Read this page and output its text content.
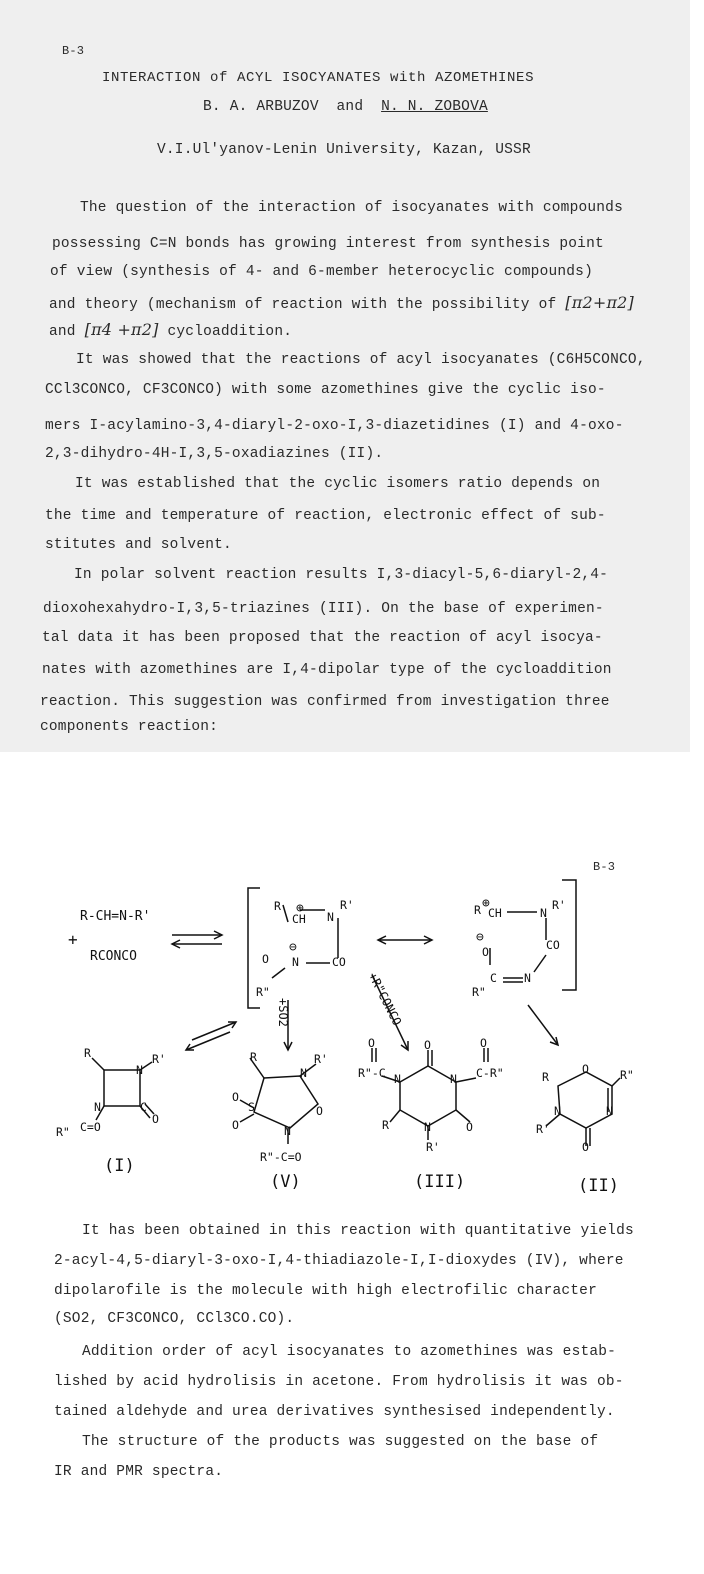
B-3
INTERACTION of ACYL ISOCYANATES with AZOMETHINES
B. A. ARBUZOV and N. N. ZOBOVA
V.I.Ul'yanov-Lenin University, Kazan, USSR
The question of the interaction of isocyanates with compounds
possessing C=N bonds has growing interest from synthesis point
of view (synthesis of 4- and 6-member heterocyclic compounds)
and theory (mechanism of reaction with the possibility of [π2+π2]
and [π4 +π2] cycloaddition.
It was showed that the reactions of acyl isocyanates (C6H5CONCO,
CCl3CONCO, CF3CONCO) with some azomethines give the cyclic iso-
mers I-acylamino-3,4-diaryl-2-oxo-I,3-diazetidines (I) and 4-oxo-
2,3-dihydro-4H-I,3,5-oxadiazines (II).
It was established that the cyclic isomers ratio depends on
the time and temperature of reaction, electronic effect of sub-
stitutes and solvent.
In polar solvent reaction results I,3-diacyl-5,6-diaryl-2,4-
dioxohexahydro-I,3,5-triazines (III). On the base of experimen-
tal data it has been proposed that the reaction of acyl isocya-
nates with azomethines are I,4-dipolar type of the cycloaddition
reaction. This suggestion was confirmed from investigation three
components reaction:
B-3
R-CH=N-R'
+
RCONCO
R ⊕
CH N
R'
⊖
N	CO
O
R"
R ⊕
CH	N
R'
⊖
O	CO
C N
R"
+SO2	+R"CONCO
R
N
R'
N	C
O
R" C=O
R
N
R'
S
O
O
O
N
R"-C=O
O
O	O
R"-C	C-R"
N	N
R	O
N
R'
R
O	R"
N	N
R'
O
(I)
(V)	(III)	(II)
It has been obtained in this reaction with quantitative yields
2-acyl-4,5-diaryl-3-oxo-I,4-thiadiazole-I,I-dioxydes (IV), where
dipolarofile is the molecule with high electrofilic character
(SO2, CF3CONCO, CCl3CO.CO).
Addition order of acyl isocyanates to azomethines was estab-
lished by acid hydrolisis in acetone. From hydrolisis it was ob-
tained aldehyde and urea derivatives synthesised independently.
The structure of the products was suggested on the base of
IR and PMR spectra.
